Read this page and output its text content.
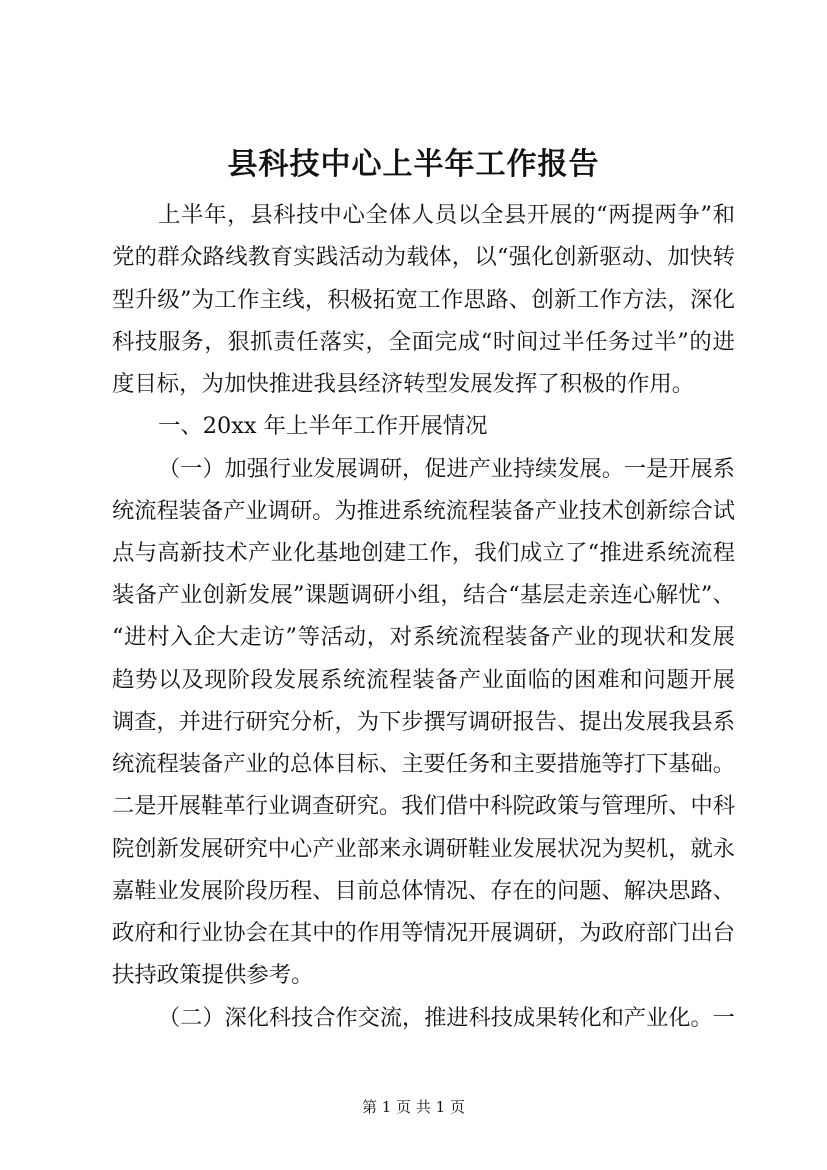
县科技中心上半年工作报告
上半年，县科技中心全体人员以全县开展的“两提两争”和
党的群众路线教育实践活动为载体，以“强化创新驱动、加快转
型升级”为工作主线，积极拓宽工作思路、创新工作方法，深化
科技服务，狠抓责任落实，全面完成“时间过半任务过半”的进
度目标，为加快推进我县经济转型发展发挥了积极的作用。
一、20xx 年上半年工作开展情况
（一）加强行业发展调研，促进产业持续发展。一是开展系
统流程装备产业调研。为推进系统流程装备产业技术创新综合试
点与高新技术产业化基地创建工作，我们成立了“推进系统流程
装备产业创新发展”课题调研小组，结合“基层走亲连心解忧”、
“进村入企大走访”等活动，对系统流程装备产业的现状和发展
趋势以及现阶段发展系统流程装备产业面临的困难和问题开展
调查，并进行研究分析，为下步撰写调研报告、提出发展我县系
统流程装备产业的总体目标、主要任务和主要措施等打下基础。
二是开展鞋革行业调查研究。我们借中科院政策与管理所、中科
院创新发展研究中心产业部来永调研鞋业发展状况为契机，就永
嘉鞋业发展阶段历程、目前总体情况、存在的问题、解决思路、
政府和行业协会在其中的作用等情况开展调研，为政府部门出台
扶持政策提供参考。
（二）深化科技合作交流，推进科技成果转化和产业化。一
第 1 页 共 1 页
